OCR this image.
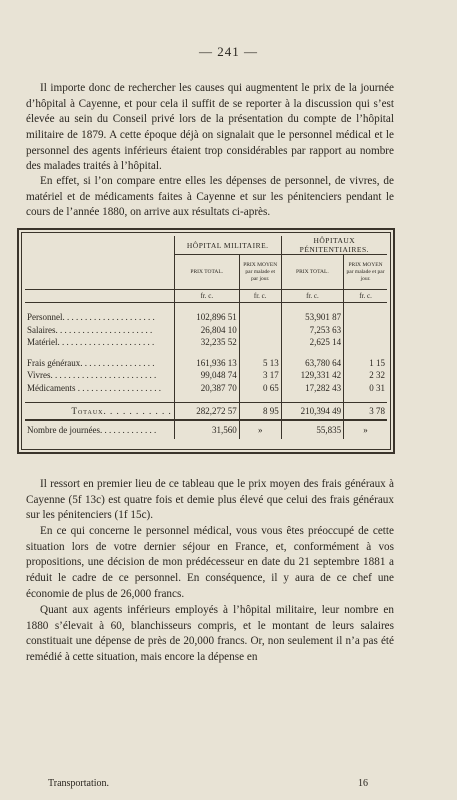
— 241 —

Il importe donc de rechercher les causes qui augmentent le prix de la journée d’hôpital à Cayenne, et pour cela il suffit de se reporter à la discussion qui s’est élevée au sein du Conseil privé lors de la présentation du compte de l’hôpital militaire de 1879. A cette époque déjà on signalait que le personnel médical et le personnel des agents inférieurs étaient trop considérables par rapport au nombre des malades traités à l’hôpital.

En effet, si l’on compare entre elles les dépenses de personnel, de vivres, de matériel et de médicaments faites à Cayenne et sur les pénitenciers pendant le cours de l’année 1880, on arrive aux résultats ci-après.

	HÔPITAL MILITAIRE.		HÔPITAUX PÉNITENTIAIRES.	
	PRIX TOTAL.	PRIX MOYEN par malade et par jour.	PRIX TOTAL.	PRIX MOYEN par malade et par jour.
	fr. c.	fr. c.	fr. c.	fr. c.

Personnel. . . . . . . . . . . . . . . . . . . . .	102,896 51		53,901 87	
Salaires. . . . . . . . . . . . . . . . . . . . . .	26,804 10		7,253 63	
Matériel. . . . . . . . . . . . . . . . . . . . . .	32,235 52		2,625 14	

Frais généraux. . . . . . . . . . . . . . . . .	161,936 13	5 13	63,780 64	1 15
Vivres. . . . . . . . . . . . . . . . . . . . . . . .	99,048 74	3 17	129,331 42	2 32
Médicaments . . . . . . . . . . . . . . . . . . .	20,387 70	0 65	17,282 43	0 31

Totaux. . . . . . . . . . .	282,272 57	8 95	210,394 49	3 78
Nombre de journées. . . . . . . . . . . . .	31,560	»	55,835	»

Il ressort en premier lieu de ce tableau que le prix moyen des frais généraux à Cayenne (5f 13c) est quatre fois et demie plus élevé que celui des frais généraux sur les pénitenciers (1f 15c).

En ce qui concerne le personnel médical, vous vous êtes préoccupé de cette situation lors de votre dernier séjour en France, et, conformément à vos propositions, une décision de mon prédécesseur en date du 21 septembre 1881 a réduit le cadre de ce personnel. En conséquence, il y aura de ce chef une économie de plus de 26,000 francs.

Quant aux agents inférieurs employés à l’hôpital militaire, leur nombre en 1880 s’élevait à 60, blanchisseurs compris, et le montant de leurs salaires constituait une dépense de près de 20,000 francs. Or, non seulement il n’a pas été remédié à cette situation, mais encore la dépense en

Transportation.	16
